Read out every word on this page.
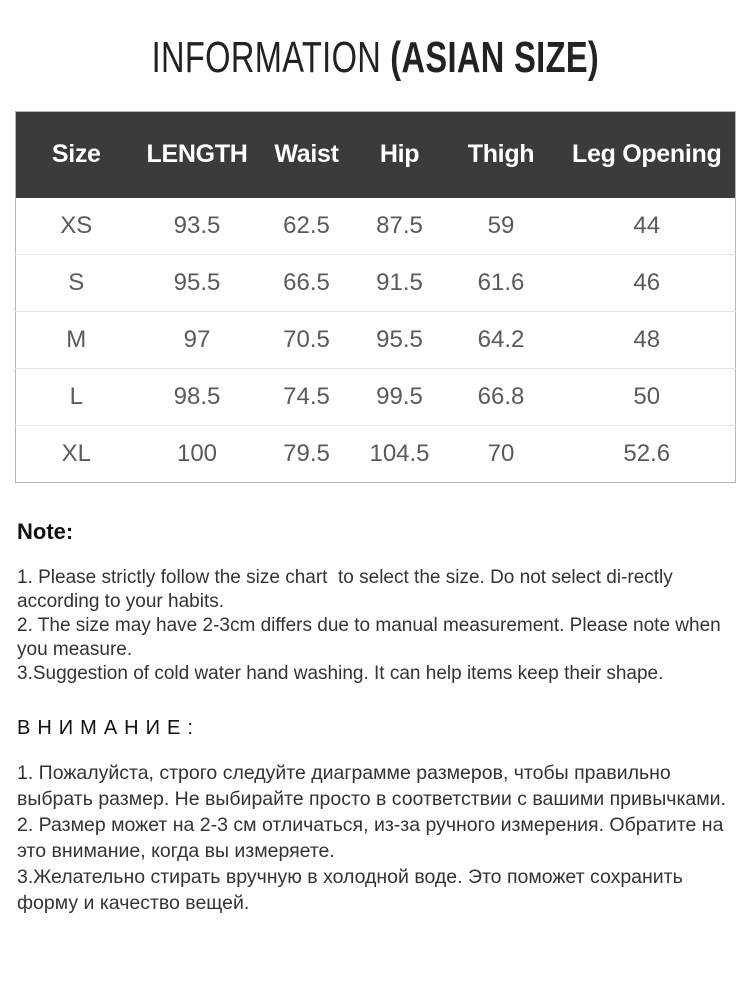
INFORMATION (ASIAN SIZE)
Size	LENGTH	Waist	Hip	Thigh	Leg Opening
XS	93.5	62.5	87.5	59	44
S	95.5	66.5	91.5	61.6	46
M	97	70.5	95.5	64.2	48
L	98.5	74.5	99.5	66.8	50
XL	100	79.5	104.5	70	52.6
Note:
1. Please strictly follow the size chart  to select the size. Do not select di-rectly according to your habits.
2. The size may have 2-3cm differs due to manual measurement. Please note when you measure.
3.Suggestion of cold water hand washing. It can help items keep their shape.
ВНИМАНИЕ:
1. Пожалуйста, строго следуйте диаграмме размеров, чтобы правильно выбрать размер. Не выбирайте просто в соответствии с вашими привычками.
2. Размер может на 2-3 см отличаться, из-за ручного измерения. Обратите на это внимание, когда вы измеряете.
3.Желательно стирать вручную в холодной воде. Это поможет сохранить форму и качество вещей.
